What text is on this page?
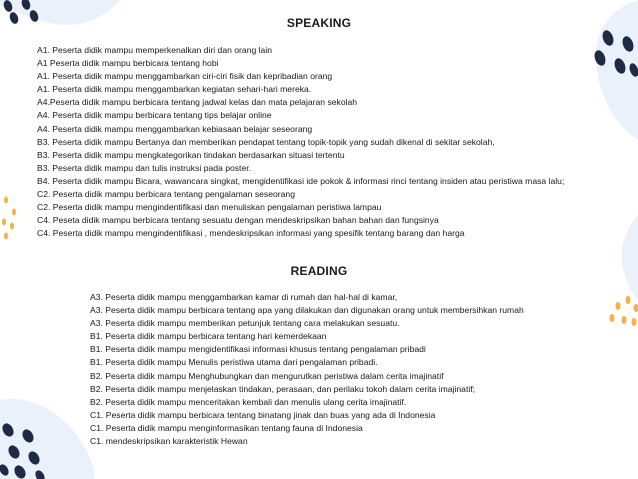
SPEAKING
A1. Peserta didik mampu memperkenalkan diri dan orang lain
A1 Peserta didik mampu berbicara tentang hobi
A1. Peserta didik mampu menggambarkan ciri-ciri fisik dan kepribadian orang
A1. Peserta didik mampu menggambarkan kegiatan sehari-hari mereka.
A4.Peserta didik mampu berbicara tentang jadwal kelas dan mata pelajaran sekolah
A4. Peserta didik mampu berbicara tentang tips belajar online
A4. Peserta didik mampu menggambarkan kebiasaan belajar seseorang
B3. Peserta didik mampu Bertanya dan memberikan pendapat tentang topik-topik yang sudah dikenal di sekitar sekolah,
B3. Peserta didik mampu mengkategorikan tindakan berdasarkan situasi tertentu
B3. Peserta didik mampu dan tulis instruksi pada poster.
B4. Peserta didik mampu Bicara, wawancara singkat, mengidentifikasi ide pokok & informasi rinci tentang insiden atau peristiwa masa lalu;
C2. Peserta didik mampu berbicara tentang pengalaman seseorang
C2. Peserta didik mampu mengindentifikasi dan menuliskan pengalaman peristiwa lampau
C4. Peseta didik mampu berbicara tentang sesuatu dengan mendeskripsikan bahan bahan dan fungsinya
C4. Peserta didik mampu mengindentifikasi , mendeskripsikan informasi yang spesifik tentang barang dan harga
READING
A3. Peserta didik mampu menggambarkan kamar di rumah dan hal-hal di kamar,
A3. Peserta didik mampu berbicara tentang apa yang dilakukan dan digunakan orang untuk membersihkan rumah
A3. Peserta didik mampu memberikan petunjuk tentang cara melakukan sesuatu.
B1. Peserta didik mampu berbicara tentang hari kemerdekaan
B1. Peserta didik mampu mengidentifikasi informasi khusus tentang pengalaman pribadi
B1. Peserta didik mampu Menulis peristiwa utama dari pengalaman pribadi.
B2. Peserta didik mampu Menghubungkan dan mengurutkan peristiwa dalam cerita imajinatif
B2. Peserta didik mampu menjelaskan tindakan, perasaan, dan perilaku tokoh dalam cerita imajinatif;
B2. Peserta didik mampu menceritakan kembali dan menulis ulang cerita imajinatif.
C1. Peserta didik mampu berbicara tentang binatang jinak dan buas yang ada di Indonesia
C1. Peserta didik mampu menginformasikan tentang fauna di Indonesia
C1. mendeskripsikan karakteristik Hewan
